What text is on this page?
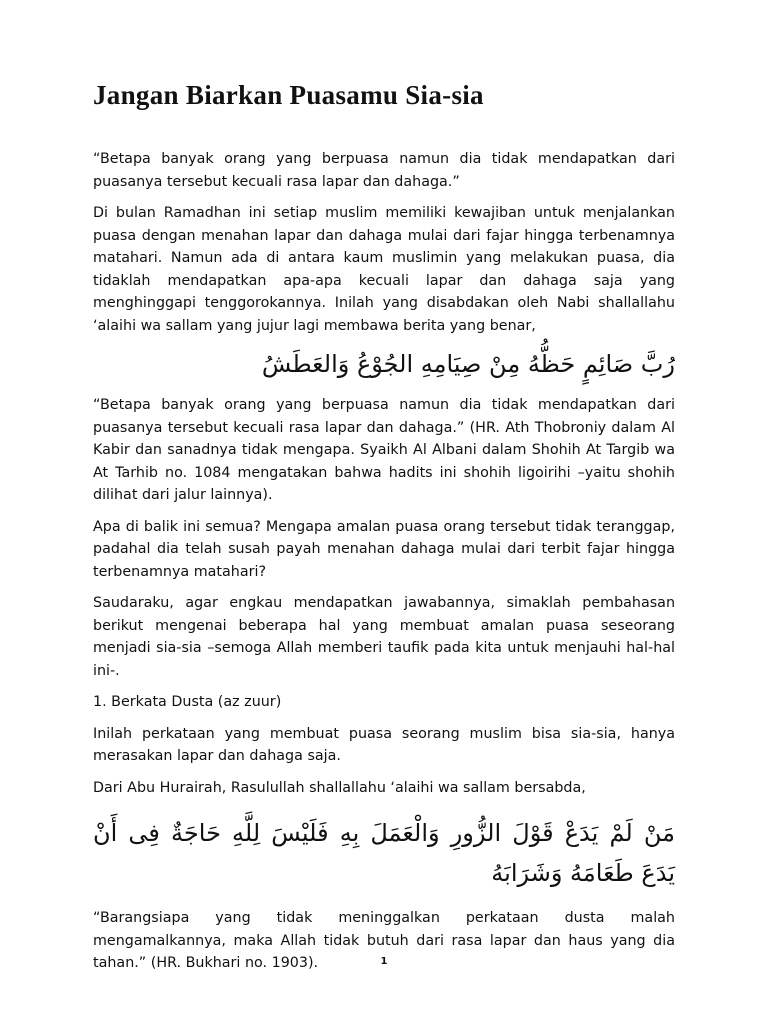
Jangan Biarkan Puasamu Sia-sia

“Betapa banyak orang yang berpuasa namun dia tidak mendapatkan dari puasanya tersebut kecuali rasa lapar dan dahaga.”

Di bulan Ramadhan ini setiap muslim memiliki kewajiban untuk menjalankan puasa dengan menahan lapar dan dahaga mulai dari fajar hingga terbenamnya matahari. Namun ada di antara kaum muslimin yang melakukan puasa, dia tidaklah mendapatkan apa-apa kecuali lapar dan dahaga saja yang menghinggapi tenggorokannya. Inilah yang disabdakan oleh Nabi shallallahu ‘alaihi wa sallam yang jujur lagi membawa berita yang benar,

رُبَّ صَائِمٍ حَظُّهُ مِنْ صِيَامِهِ الجُوْعُ وَالعَطَشُ

“Betapa banyak orang yang berpuasa namun dia tidak mendapatkan dari puasanya tersebut kecuali rasa lapar dan dahaga.” (HR. Ath Thobroniy dalam Al Kabir dan sanadnya tidak mengapa. Syaikh Al Albani dalam Shohih At Targib wa At Tarhib no. 1084 mengatakan bahwa hadits ini shohih ligoirihi –yaitu shohih dilihat dari jalur lainnya).

Apa di balik ini semua? Mengapa amalan puasa orang tersebut tidak teranggap, padahal dia telah susah payah menahan dahaga mulai dari terbit fajar hingga terbenamnya matahari?

Saudaraku, agar engkau mendapatkan jawabannya, simaklah pembahasan berikut mengenai beberapa hal yang membuat amalan puasa seseorang menjadi sia-sia –semoga Allah memberi taufik pada kita untuk menjauhi hal-hal ini-.

1. Berkata Dusta (az zuur)

Inilah perkataan yang membuat puasa seorang muslim bisa sia-sia, hanya merasakan lapar dan dahaga saja.

Dari Abu Hurairah, Rasulullah shallallahu ‘alaihi wa sallam bersabda,

مَنْ لَمْ يَدَعْ قَوْلَ الزُّورِ وَالْعَمَلَ بِهِ فَلَيْسَ لِلَّهِ حَاجَةٌ فِى أَنْ يَدَعَ طَعَامَهُ وَشَرَابَهُ

“Barangsiapa yang tidak meninggalkan perkataan dusta malah mengamalkannya, maka Allah tidak butuh dari rasa lapar dan haus yang dia tahan.” (HR. Bukhari no. 1903).	1
